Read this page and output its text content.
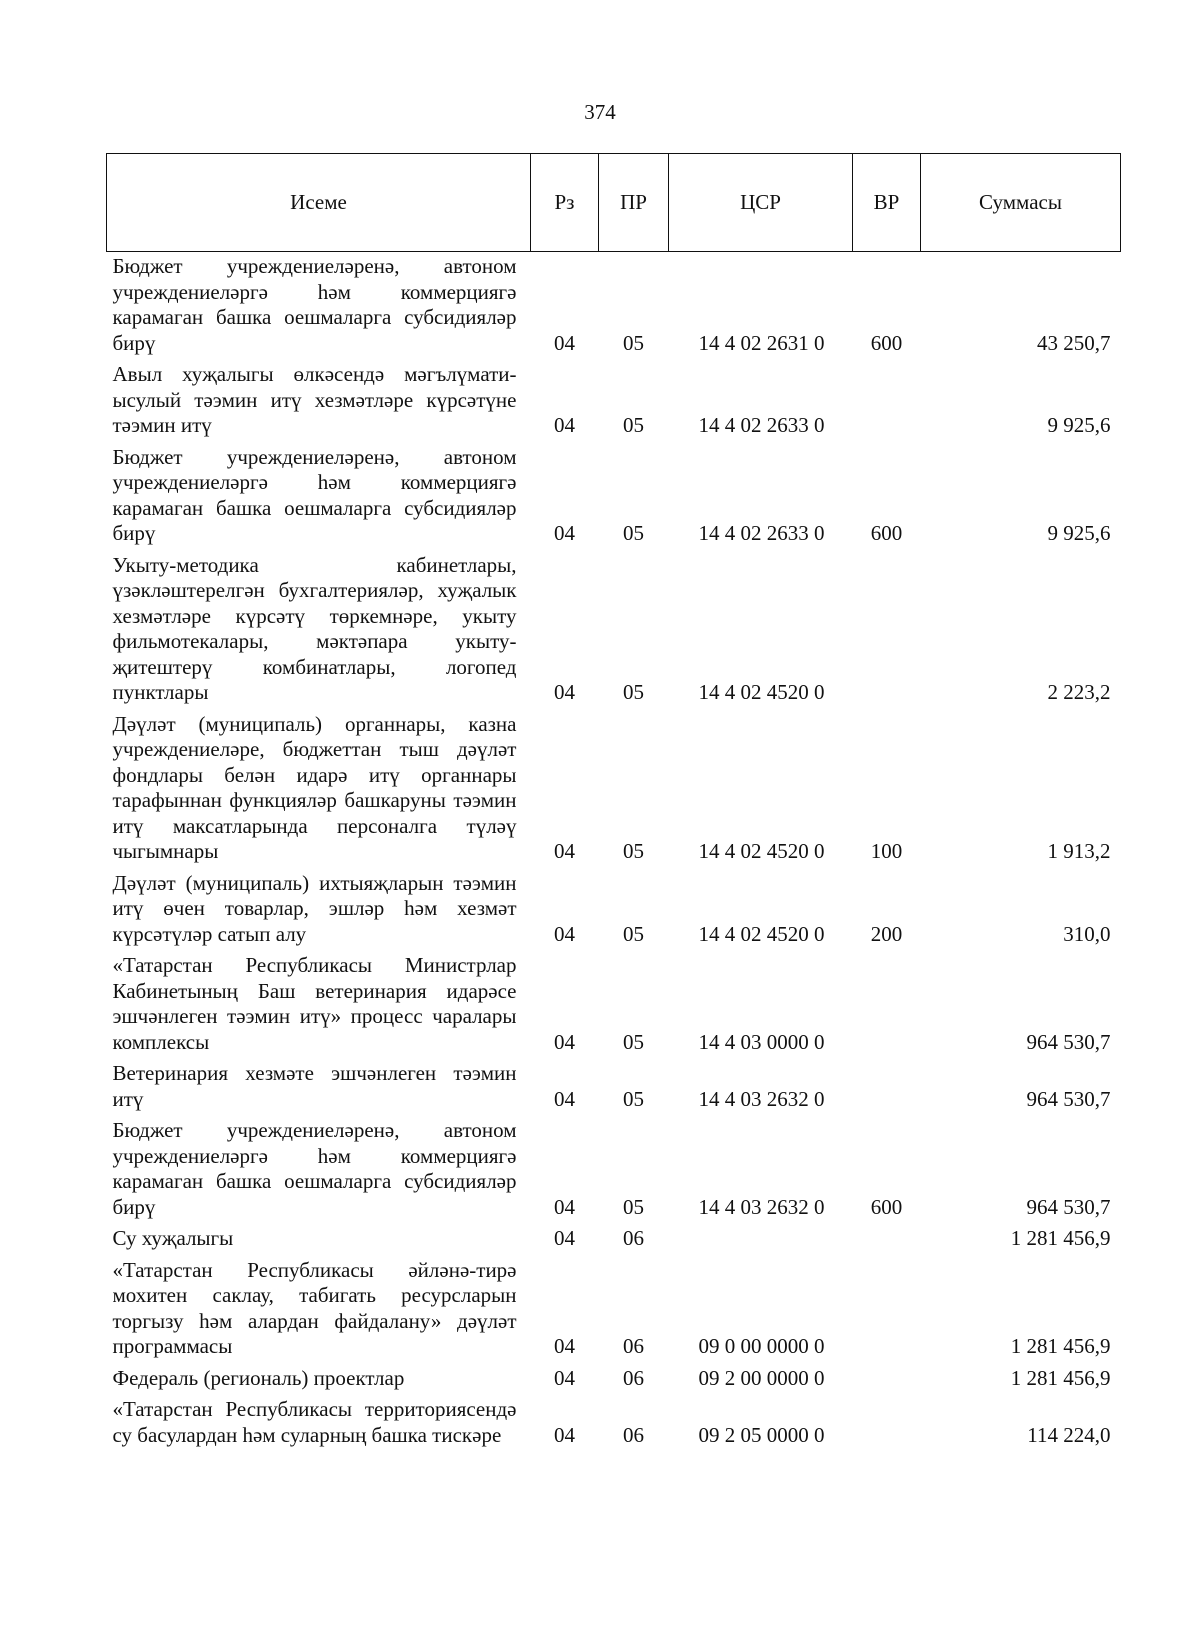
374
Исеме	Рз	ПР	ЦСР	ВР	Суммасы
Бюджет учреждениеләренә, автоном учреждениеләргә һәм коммерциягә карамаган башка оешмаларга субсидияләр бирү	04	05	14 4 02 2631 0	600	43 250,7
Авыл хуҗалыгы өлкәсендә мәгълүмати-ысулый тәэмин итү хезмәтләре күрсәтүне тәэмин итү	04	05	14 4 02 2633 0		9 925,6
Бюджет учреждениеләренә, автоном учреждениеләргә һәм коммерциягә карамаган башка оешмаларга субсидияләр бирү	04	05	14 4 02 2633 0	600	9 925,6
Укыту-методика кабинетлары, үзәкләштерелгән бухгалтерияләр, хуҗалык хезмәтләре күрсәтү төркемнәре, укыту фильмотекалары, мәктәпара укыту-җитештерү комбинатлары, логопед пунктлары	04	05	14 4 02 4520 0		2 223,2
Дәүләт (муниципаль) органнары, казна учреждениеләре, бюджеттан тыш дәүләт фондлары белән идарә итү органнары тарафыннан функцияләр башкаруны тәэмин итү максатларында персоналга түләү чыгымнары	04	05	14 4 02 4520 0	100	1 913,2
Дәүләт (муниципаль) ихтыяҗларын тәэмин итү өчен товарлар, эшләр һәм хезмәт күрсәтүләр сатып алу	04	05	14 4 02 4520 0	200	310,0
«Татарстан Республикасы Министрлар Кабинетының Баш ветеринария идарәсе эшчәнлеген тәэмин итү» процесс чаралары комплексы	04	05	14 4 03 0000 0		964 530,7
Ветеринария хезмәте эшчәнлеген тәэмин итү	04	05	14 4 03 2632 0		964 530,7
Бюджет учреждениеләренә, автоном учреждениеләргә һәм коммерциягә карамаган башка оешмаларга субсидияләр бирү	04	05	14 4 03 2632 0	600	964 530,7
Су хуҗалыгы	04	06			1 281 456,9
«Татарстан Республикасы әйләнә-тирә мохитен саклау, табигать ресурсларын торгызу һәм алардан файдалану» дәүләт программасы	04	06	09 0 00 0000 0		1 281 456,9
Федераль (региональ) проектлар	04	06	09 2 00 0000 0		1 281 456,9
«Татарстан Республикасы территориясендә су басулардан һәм суларның башка тискәре	04	06	09 2 05 0000 0		114 224,0
